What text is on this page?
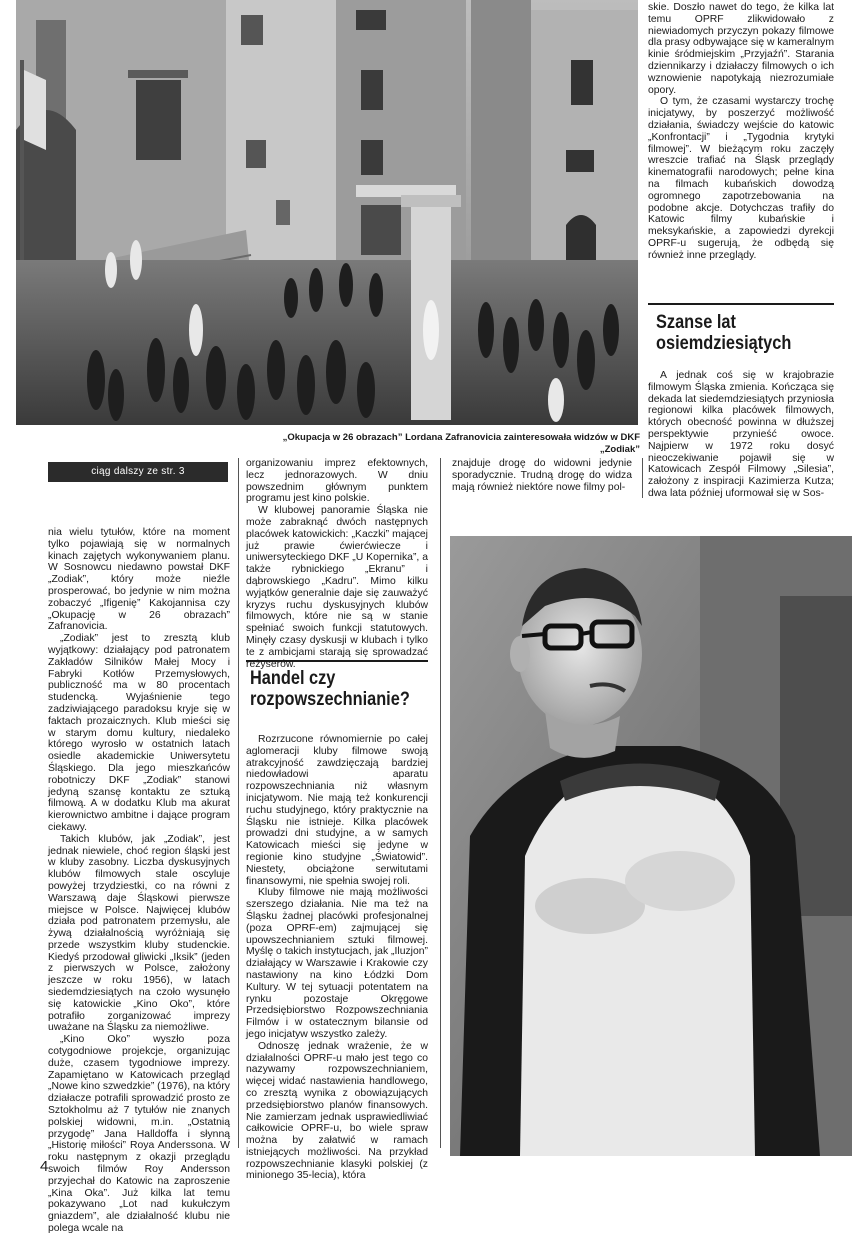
„Okupacja w 26 obrazach” Lordana Zafranovicia zainteresowała widzów w DKF „Zodiak”

skie. Doszło nawet do tego, że kilka lat temu OPRF zlikwidowało z niewiadomych przyczyn pokazy filmowe dla prasy odbywające się w kameralnym kinie śródmiejskim „Przyjaźń”. Starania dziennikarzy i działaczy filmowych o ich wznowienie napotykają niezrozumiałe opory.

O tym, że czasami wystarczy trochę inicjatywy, by poszerzyć możliwość działania, świadczy wejście do katowic „Konfrontacji” i „Tygodnia krytyki filmowej”. W bieżącym roku zaczęły wreszcie trafiać na Śląsk przeglądy kinematografii narodowych; pełne kina na filmach kubańskich dowodzą ogromnego zapotrzebowania na podobne akcje. Dotychczas trafiły do Katowic filmy kubańskie i meksykańskie, a zapowiedzi dyrekcji OPRF-u sugerują, że odbędą się również inne przeglądy.

Szanse lat osiemdziesiątych

A jednak coś się w krajobrazie filmowym Śląska zmienia. Kończąca się dekada lat siedemdziesiątych przyniosła regionowi kilka placówek filmowych, których obecność powinna w dłuższej perspektywie przynieść owoce. Najpierw w 1972 roku dosyć nieoczekiwanie pojawił się w Katowicach Zespół Filmowy „Silesia”, założony z inspiracji Kazimierza Kutza; dwa lata później uformował się w Sos-

ciąg dalszy ze str. 3

nia wielu tytułów, które na moment tylko pojawiają się w normalnych kinach zajętych wykonywaniem planu. W Sosnowcu niedawno powstał DKF „Zodiak”, który może nieźle prosperować, bo jedynie w nim można zobaczyć „Ifigenię” Kakojannisa czy „Okupację w 26 obrazach” Zafranovicia.

„Zodiak” jest to zresztą klub wyjątkowy: działający pod patronatem Zakładów Silników Małej Mocy i Fabryki Kotłów Przemysłowych, publiczność ma w 80 procentach studencką. Wyjaśnienie tego zadziwiającego paradoksu kryje się w faktach prozaicznych. Klub mieści się w starym domu kultury, niedaleko którego wyrosło w ostatnich latach osiedle akademickie Uniwersytetu Śląskiego. Dla jego mieszkańców robotniczy DKF „Zodiak” stanowi jedyną szansę kontaktu ze sztuką filmową. A w dodatku Klub ma akurat kierownictwo ambitne i dające program ciekawy.

Takich klubów, jak „Zodiak”, jest jednak niewiele, choć region śląski jest w kluby zasobny. Liczba dyskusyjnych klubów filmowych stale oscyluje powyżej trzydziestki, co na równi z Warszawą daje Śląskowi pierwsze miejsce w Polsce. Najwięcej klubów działa pod patronatem przemysłu, ale żywą działalnością wyróżniają się przede wszystkim kluby studenckie. Kiedyś przodował gliwicki „Iksik” (jeden z pierwszych w Polsce, założony jeszcze w roku 1956), w latach siedemdziesiątych na czoło wysunęło się katowickie „Kino Oko”, które potrafiło zorganizować imprezy uważane na Śląsku za niemożliwe.

„Kino Oko” wyszło poza cotygodniowe projekcje, organizując duże, czasem tygodniowe imprezy. Zapamiętano w Katowicach przegląd „Nowe kino szwedzkie” (1976), na który działacze potrafili sprowadzić prosto ze Sztokholmu aż 7 tytułów nie znanych polskiej widowni, m.in. „Ostatnią przygodę” Jana Halldoffa i słynną „Historię miłości” Roya Anderssona. W roku następnym z okazji przeglądu swoich filmów Roy Andersson przyjechał do Katowic na zaproszenie „Kina Oka”. Już kilka lat temu pokazywano „Lot nad kukułczym gniazdem”, ale działalność klubu nie polega wcale na

organizowaniu imprez efektownych, lecz jednorazowych. W dniu powszednim głównym punktem programu jest kino polskie.

W klubowej panoramie Śląska nie może zabraknąć dwóch następnych placówek katowickich: „Kaczki” mającej już prawie ćwierćwiecze i uniwersyteckiego DKF „U Kopernika”, a także rybnickiego „Ekranu” i dąbrowskiego „Kadru”. Mimo kilku wyjątków generalnie daje się zauważyć kryzys ruchu dyskusyjnych klubów filmowych, które nie są w stanie spełniać swoich funkcji statutowych. Minęły czasy dyskusji w klubach i tylko te z ambicjami starają się sprowadzać reżyserów.

Handel czy rozpowszechnianie?

Rozrzucone równomiernie po całej aglomeracji kluby filmowe swoją atrakcyjność zawdzięczają bardziej niedowładowi aparatu rozpowszechniania niż własnym inicjatywom. Nie mają też konkurencji ruchu studyjnego, który praktycznie na Śląsku nie istnieje. Kilka placówek prowadzi dni studyjne, a w samych Katowicach mieści się jedyne w regionie kino studyjne „Światowid”. Niestety, obciążone serwitutami finansowymi, nie spełnia swojej roli.

Kluby filmowe nie mają możliwości szerszego działania. Nie ma też na Śląsku żadnej placówki profesjonalnej (poza OPRF-em) zajmującej się upowszechnianiem sztuki filmowej. Myślę o takich instytucjach, jak „Iluzjon” działający w Warszawie i Krakowie czy nastawiony na kino Łódzki Dom Kultury. W tej sytuacji potentatem na rynku pozostaje Okręgowe Przedsiębiorstwo Rozpowszechniania Filmów i w ostatecznym bilansie od jego inicjatyw wszystko zależy.

Odnoszę jednak wrażenie, że w działalności OPRF-u mało jest tego co nazywamy rozpowszechnianiem, więcej widać nastawienia handlowego, co zresztą wynika z obowiązujących przedsiębiorstwo planów finansowych. Nie zamierzam jednak usprawiedliwiać całkowicie OPRF-u, bo wiele spraw można by załatwić w ramach istniejących możliwości. Na przykład rozpowszechnianie klasyki polskiej (z minionego 35-lecia), która

znajduje drogę do widowni jedynie sporadycznie. Trudną drogę do widza mają również niektóre nowe filmy pol-

4
